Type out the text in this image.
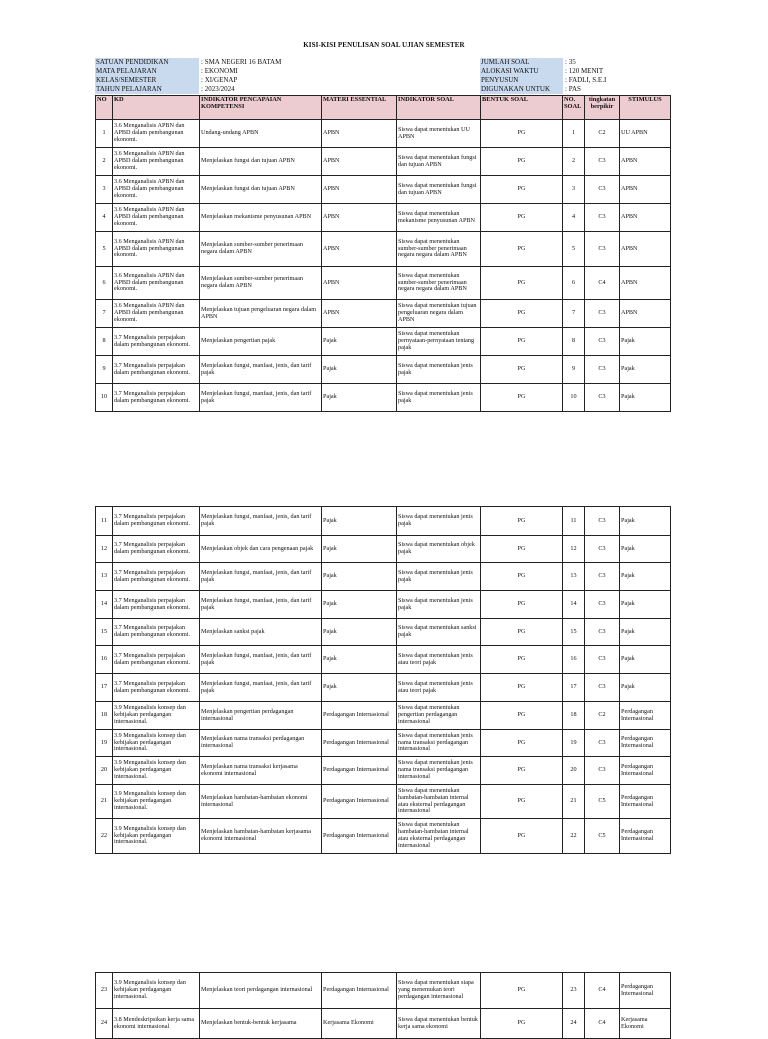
KISI-KISI PENULISAN SOAL UJIAN SEMESTER
SATUAN PENDIDIKAN	: SMA NEGERI 16 BATAM
MATA PELAJARAN	: EKONOMI
KELAS/SEMESTER	: XI/GENAP
TAHUN PELAJARAN	: 2023/2024
JUMLAH SOAL	: 35
ALOKASI WAKTU	: 120 MENIT
PENYUSUN	: FADLI, S.E.I
DIGUNAKAN UNTUK	: PAS
NO	KD	INDIKATOR PENCAPAIAN KOMPETENSI	MATERI ESSENTIAL	INDIKATOR SOAL	BENTUK SOAL	NO. SOAL	tingkatan berpikir	STIMULUS
1	3.6 Menganalisis APBN dan APBD dalam pembangunan ekonomi.	Undang-undang APBN	APBN	Siswa dapat menentukan UU APBN	PG	1	C2	UU APBN
2	3.6 Menganalisis APBN dan APBD dalam pembangunan ekonomi.	Menjelaskan fungsi dan tujuan APBN	APBN	Siswa dapat menentukan fungsi dan tujuan APBN	PG	2	C3	APBN
3	3.6 Menganalisis APBN dan APBD dalam pembangunan ekonomi.	Menjelaskan fungsi dan tujuan APBN	APBN	Siswa dapat menentukan fungsi dan tujuan APBN	PG	3	C3	APBN
4	3.6 Menganalisis APBN dan APBD dalam pembangunan ekonomi.	Menjelaskan mekanisme penyusunan APBN	APBN	Siswa dapat menentukan mekanisme penyusunan APBN	PG	4	C3	APBN
5	3.6 Menganalisis APBN dan APBD dalam pembangunan ekonomi.	Menjelaskan sumber-sumber penerimaan negara dalam APBN	APBN	Siswa dapat menentukan sumber-sumber penerimaan negara negara dalam APBN	PG	5	C3	APBN
6	3.6 Menganalisis APBN dan APBD dalam pembangunan ekonomi.	Menjelaskan sumber-sumber penerimaan negara dalam APBN	APBN	Siswa dapat menentukan sumber-sumber penerimaan negara negara dalam APBN	PG	6	C4	APBN
7	3.6 Menganalisis APBN dan APBD dalam pembangunan ekonomi.	Menjelaskan tujuan pengeluaran negara dalam APBN	APBN	Siswa dapat menentukan tujuan pengeluaran negara dalam APBN	PG	7	C3	APBN
8	3.7 Menganalisis perpajakan dalam pembangunan ekonomi.	Menjelaskan pengertian pajak	Pajak	Siswa dapat menentukan pernyataan-pernyataan tentang pajak	PG	8	C3	Pajak
9	3.7 Menganalisis perpajakan dalam pembangunan ekonomi.	Menjelaskan fungsi, manfaat, jenis, dan tarif pajak	Pajak	Siswa dapat menentukan jenis pajak	PG	9	C3	Pajak
10	3.7 Menganalisis perpajakan dalam pembangunan ekonomi.	Menjelaskan fungsi, manfaat, jenis, dan tarif pajak	Pajak	Siswa dapat menentukan jenis pajak	PG	10	C3	Pajak
11	3.7 Menganalisis perpajakan dalam pembangunan ekonomi.	Menjelaskan fungsi, manfaat, jenis, dan tarif pajak	Pajak	Siswa dapat menentukan jenis pajak	PG	11	C3	Pajak
12	3.7 Menganalisis perpajakan dalam pembangunan ekonomi.	Menjelaskan objek dan cara pengenaan pajak	Pajak	Siswa dapat menentukan objek pajak	PG	12	C3	Pajak
13	3.7 Menganalisis perpajakan dalam pembangunan ekonomi.	Menjelaskan fungsi, manfaat, jenis, dan tarif pajak	Pajak	Siswa dapat menentukan jenis pajak	PG	13	C3	Pajak
14	3.7 Menganalisis perpajakan dalam pembangunan ekonomi.	Menjelaskan fungsi, manfaat, jenis, dan tarif pajak	Pajak	Siswa dapat menentukan jenis pajak	PG	14	C3	Pajak
15	3.7 Menganalisis perpajakan dalam pembangunan ekonomi.	Menjelaskan sanksi pajak	Pajak	Siswa dapat menentukan sanksi pajak	PG	15	C3	Pajak
16	3.7 Menganalisis perpajakan dalam pembangunan ekonomi.	Menjelaskan fungsi, manfaat, jenis, dan tarif pajak	Pajak	Siswa dapat menentukan jenis atau teori pajak	PG	16	C3	Pajak
17	3.7 Menganalisis perpajakan dalam pembangunan ekonomi.	Menjelaskan fungsi, manfaat, jenis, dan tarif pajak	Pajak	Siswa dapat menentukan jenis atau teori pajak	PG	17	C3	Pajak
18	3.9 Menganalisis konsep dan kebijakan perdagangan internasional.	Menjelaskan pengertian perdagangan internasional	Perdagangan Internasional	Siswa dapat menentukan pengertian perdagangan internasional	PG	18	C2	Perdagangan Internasional
19	3.9 Menganalisis konsep dan kebijakan perdagangan internasional.	Menjelaskan nama transaksi perdagangan internasional	Perdagangan Internasional	Siswa dapat menentukan jenis nama transaksi perdagangan internasional	PG	19	C3	Perdagangan Internasional
20	3.9 Menganalisis konsep dan kebijakan perdagangan internasional.	Menjelaskan nama transaksi kerjasama ekonomi internasional	Perdagangan Internasional	Siswa dapat menentukan jenis nama transaksi perdagangan internasional	PG	20	C3	Perdagangan Internasional
21	3.9 Menganalisis konsep dan kebijakan perdagangan internasional.	Menjelaskan hambatan-hambatan ekonomi internasional	Perdagangan Internasional	Siswa dapat menentukan hambatan-hambatan internal atau eksternal perdagangan internasional	PG	21	C5	Perdagangan Internasional
22	3.9 Menganalisis konsep dan kebijakan perdagangan internasional.	Menjelaskan hambatan-hambatan kerjasama ekonomi internasional	Perdagangan Internasional	Siswa dapat menentukan hambatan-hambatan internal atau eksternal perdagangan internasional	PG	22	C5	Perdagangan Internasional
23	3.9 Menganalisis konsep dan kebijakan perdagangan internasional.	Menjelaskan teori perdagangan internasional	Perdagangan Internasional	Siswa dapat menentukan siapa yang menemukan teori perdagangan internasional	PG	23	C4	Perdagangan Internasional
24	3.8 Mendeskripsikan kerja sama ekonomi internasional	Menjelaskan bentuk-bentuk kerjasama	Kerjasama Ekonomi	Siswa dapat menentukan bentuk kerja sama ekonomi	PG	24	C4	Kerjasama Ekonomi
